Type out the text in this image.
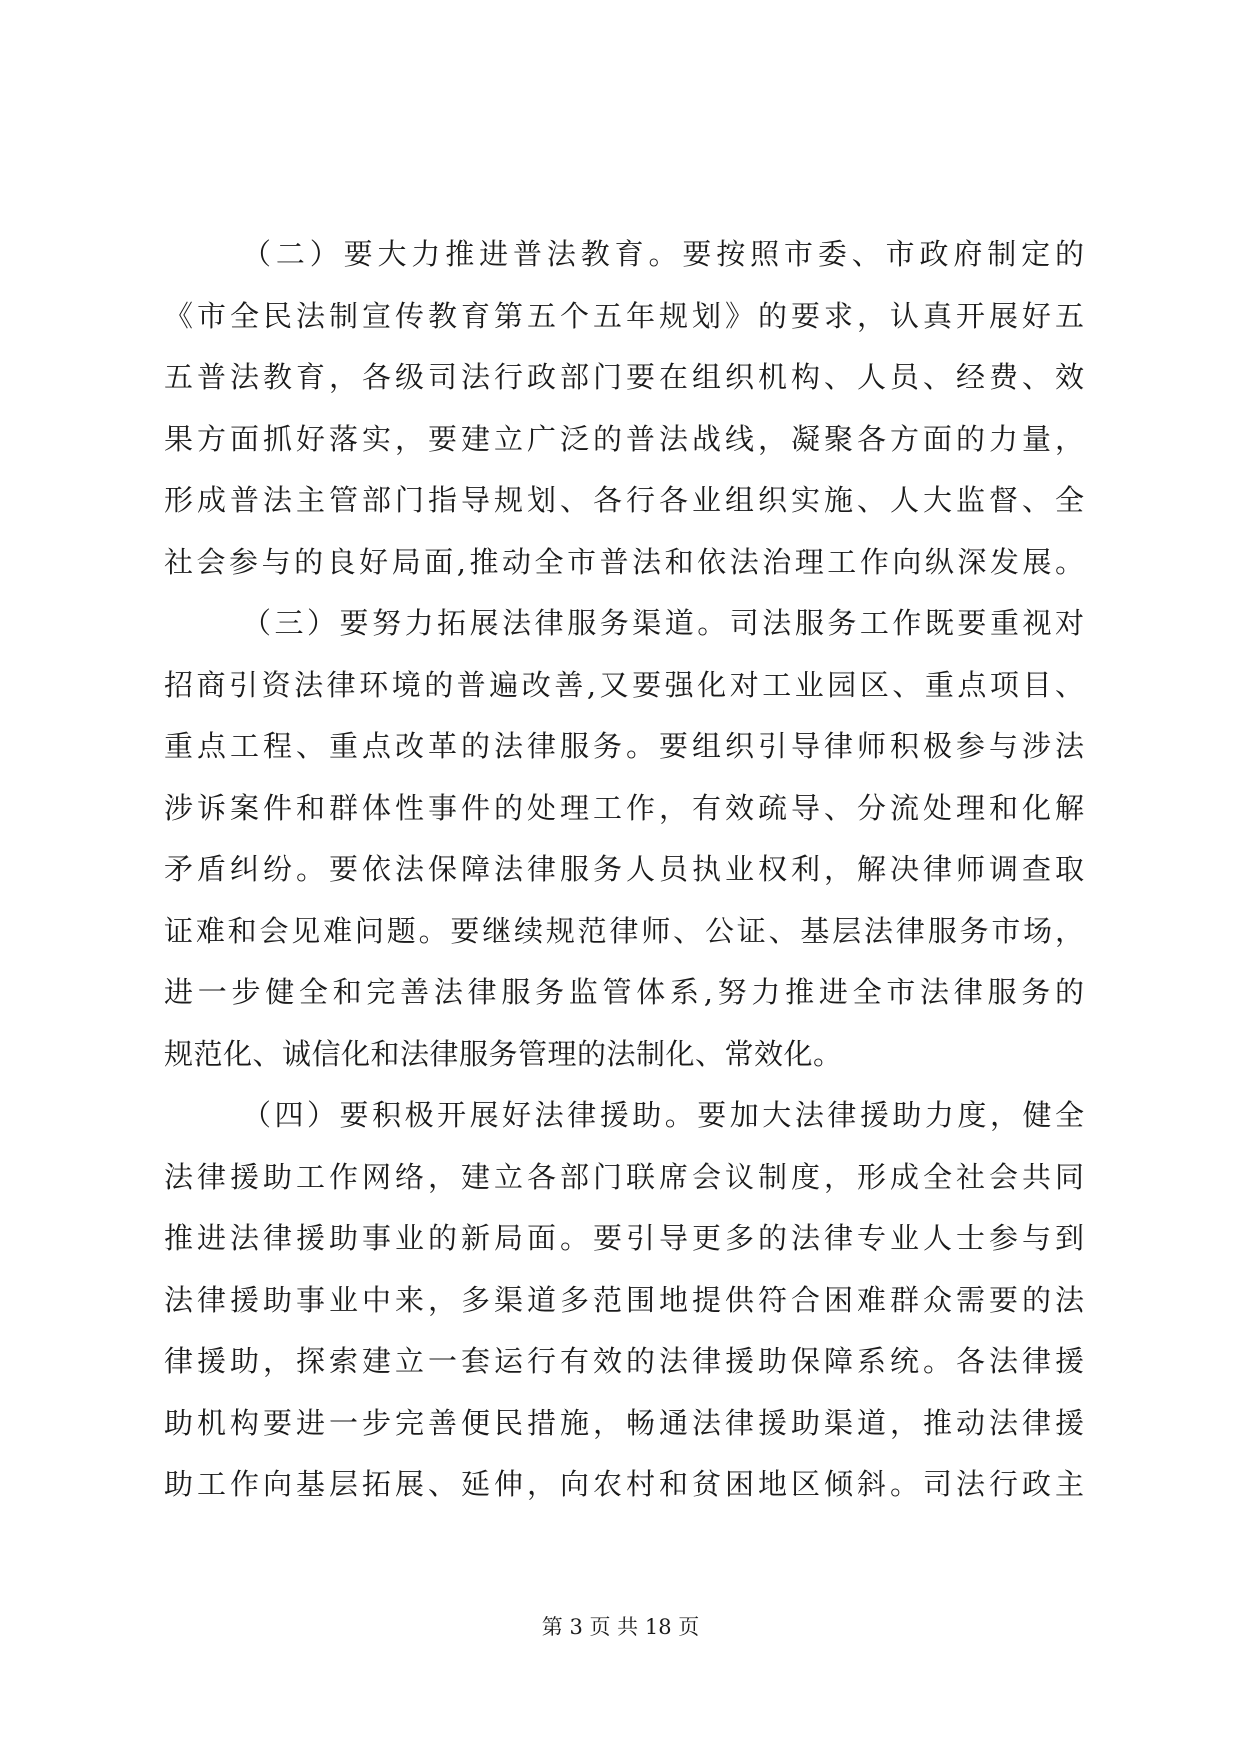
（二）要大力推进普法教育。要按照市委、市政府制定的
《市全民法制宣传教育第五个五年规划》的要求，认真开展好五
五普法教育，各级司法行政部门要在组织机构、人员、经费、效
果方面抓好落实，要建立广泛的普法战线，凝聚各方面的力量，
形成普法主管部门指导规划、各行各业组织实施、人大监督、全
社会参与的良好局面,推动全市普法和依法治理工作向纵深发展。
（三）要努力拓展法律服务渠道。司法服务工作既要重视对
招商引资法律环境的普遍改善,又要强化对工业园区、重点项目、
重点工程、重点改革的法律服务。要组织引导律师积极参与涉法
涉诉案件和群体性事件的处理工作，有效疏导、分流处理和化解
矛盾纠纷。要依法保障法律服务人员执业权利，解决律师调查取
证难和会见难问题。要继续规范律师、公证、基层法律服务市场，
进一步健全和完善法律服务监管体系,努力推进全市法律服务的
规范化、诚信化和法律服务管理的法制化、常效化。
（四）要积极开展好法律援助。要加大法律援助力度，健全
法律援助工作网络，建立各部门联席会议制度，形成全社会共同
推进法律援助事业的新局面。要引导更多的法律专业人士参与到
法律援助事业中来，多渠道多范围地提供符合困难群众需要的法
律援助，探索建立一套运行有效的法律援助保障系统。各法律援
助机构要进一步完善便民措施，畅通法律援助渠道，推动法律援
助工作向基层拓展、延伸，向农村和贫困地区倾斜。司法行政主
第 3 页 共 18 页
